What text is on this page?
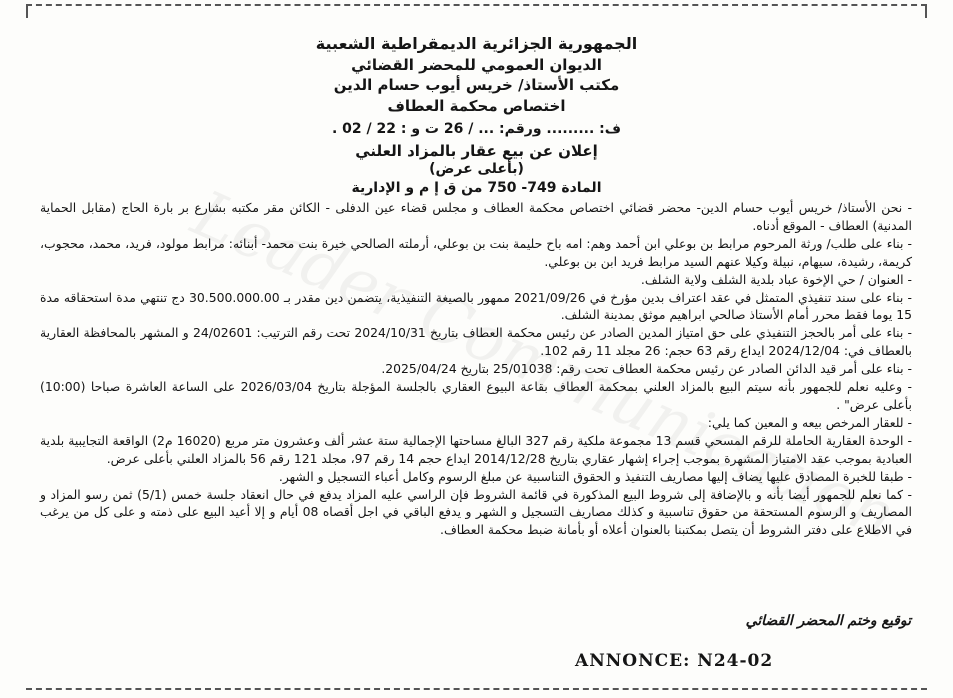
الجمهورية الجزائرية الديمقراطية الشعبية
الديوان العمومي للمحضر القضائي
مكتب الأستاذ/ خريس أيوب حسام الدين
اختصاص محكمة العطاف
ف: ......... ورقم: ... / 26 ت و : 22 / 02 .
إعلان عن بيع عقار بالمزاد العلني
(بأعلى عرض)
المادة 749- 750 من ق إ م و الإدارية

- نحن الأستاذ/ خريس أيوب حسام الدين- محضر قضائي اختصاص محكمة العطاف و مجلس قضاء عين الدفلى - الكائن مقر مكتبه بشارع بر بارة الحاج (مقابل الحماية المدنية) العطاف - الموقع أدناه.

- بناء على طلب/ ورثة المرحوم مرابط بن بوعلي ابن أحمد وهم: امه باح حليمة بنت بن بوعلي، أرملته الصالحي خيرة بنت محمد- أبنائه: مرابط مولود، فريد، محمد، محجوب، كريمة، رشيدة، سيهام، نبيلة وكيلا عنهم السيد مرابط فريد ابن بن بوعلي.

- العنوان / حي الإخوة عباد بلدية الشلف ولاية الشلف.

- بناء على سند تنفيذي المتمثل في عقد اعتراف بدين مؤرخ في 2021/09/26 ممهور بالصيغة التنفيذية، يتضمن دين مقدر بـ 30.500.000.00 دج تنتهي مدة استحقاقه مدة 15 يوما فقط محرر أمام الأستاذ صالحي ابراهيم موثق بمدينة الشلف.

- بناء على أمر بالحجز التنفيذي على حق امتياز المدين الصادر عن رئيس محكمة العطاف بتاريخ 2024/10/31 تحت رقم الترتيب: 24/02601 و المشهر بالمحافظة العقارية بالعطاف في: 2024/12/04 ايداع رقم 63 حجم: 26 مجلد 11 رقم 102.

- بناء على أمر قيد الدائن الصادر عن رئيس محكمة العطاف تحت رقم: 25/01038 بتاريخ 2025/04/24.

- وعليه نعلم للجمهور بأنه سيتم البيع بالمزاد العلني بمحكمة العطاف بقاعة البيوع العقاري بالجلسة المؤجلة بتاريخ 2026/03/04 على الساعة العاشرة صباحا (10:00) بأعلى عرض" .

- للعقار المرخص بيعه و المعين كما يلي:

- الوحدة العقارية الحاملة للرقم المسحي قسم 13 مجموعة ملكية رقم 327 البالغ مساحتها الإجمالية ستة عشر ألف وعشرون متر مربع (16020 م2) الواقعة التجايبية بلدية العبادية بموجب عقد الامتياز المشهرة بموجب إجراء إشهار عقاري بتاريخ 2014/12/28 ايداع حجم 14 رقم 97، مجلد 121 رقم 56 بالمزاد العلني بأعلى عرض.

- طبقا للخبرة المصادق عليها يضاف إليها مصاريف التنفيذ و الحقوق التناسبية عن مبلغ الرسوم وكامل أعباء التسجيل و الشهر.

- كما نعلم للجمهور أيضا بأنه و بالإضافة إلى شروط البيع المذكورة في قائمة الشروط فإن الراسي عليه المزاد يدفع في حال انعقاد جلسة خمس (5/1) ثمن رسو المزاد و المصاريف و الرسوم المستحقة من حقوق تناسبية و كذلك مصاريف التسجيل و الشهر و يدفع الباقي في اجل أقصاه 08 أيام و إلا أعيد البيع على ذمته و على كل من يرغب في الاطلاع على دفتر الشروط أن يتصل بمكتبنا بالعنوان أعلاه أو بأمانة ضبط محكمة العطاف.

توقيع وختم المحضر القضائي
ANNONCE: N24-02
